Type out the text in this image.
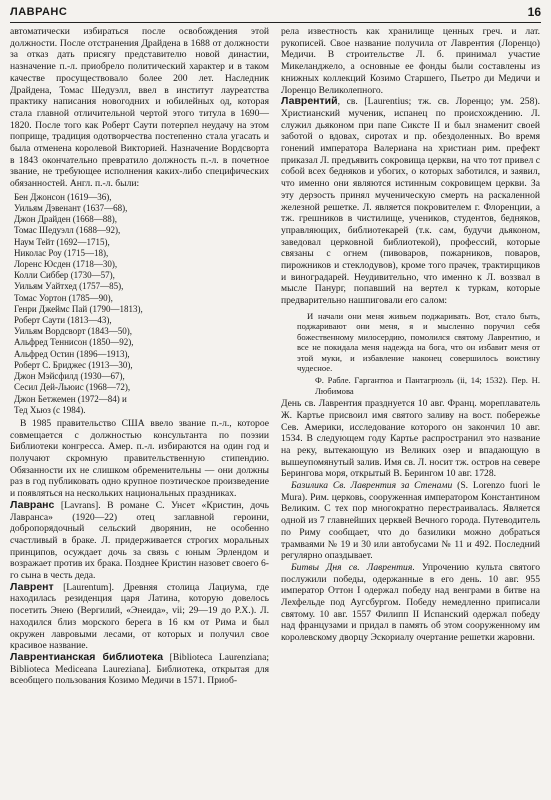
ЛАВРАНС	16

автоматически избираться после освобождения этой должности. После отстранения Драйдена в 1688 от должности за отказ дать присягу представителю новой династии, назначение п.-л. приобрело политический характер и в таком качестве просуществовало более 200 лет. Наследник Драйдена, Томас Шедуэлл, ввел в институт лауреатства практику написания новогодних и юбилейных од, которая стала главной отличительной чертой этого титула в 1690—1820. После того как Роберт Саути потерпел неудачу на этом поприще, традиция одотворчества постепенно стала угасать и была отменена королевой Викторией. Назначение Вордсворта в 1843 окончательно превратило должность п.-л. в почетное звание, не требующее исполнения каких-либо специфических обязанностей. Англ. п.-л. были:

Бен Джонсон (1619—36),
Уильям Дэвенант (1637—68),
Джон Драйден (1668—88),
Томас Шедуэлл (1688—92),
Наум Тейт (1692—1715),
Николас Роу (1715—18),
Лоренс Юсден (1718—30),
Колли Сиббер (1730—57),
Уильям Уайтхед (1757—85),
Томас Уортон (1785—90),
Генри Джеймс Пай (1790—1813),
Роберт Саути (1813—43),
Уильям Вордсворт (1843—50),
Альфред Теннисон (1850—92),
Альфред Остин (1896—1913),
Роберт С. Бриджес (1913—30),
Джон Мэйсфилд (1930—67),
Сесил Дей-Льюис (1968—72),
Джон Бетжемен (1972—84) и
Тед Хьюз (с 1984).

В 1985 правительство США ввело звание п.-л., которое совмещается с должностью консультанта по поэзии Библиотеки конгресса. Амер. п.-л. избираются на один год и получают скромную правительственную стипендию. Обязанности их не слишком обременительны — они должны раз в год публиковать одно крупное поэтическое произведение и появляться на нескольких национальных праздниках.

Лавранс [Lavrans]. В романе С. Унсет «Кристин, дочь Лавранса» (1920—22) отец заглавной героини, добропорядочный сельский дворянин, не особенно счастливый в браке. Л. придерживается строгих моральных принципов, осуждает дочь за связь с юным Эрлендом и возражает против их брака. Позднее Кристин назовет своего 6-го сына в честь деда.

Лаврент [Laurentum]. Древняя столица Лациума, где находилась резиденция царя Латина, которую довелось посетить Энею (Вергилий, «Энеида», vii; 29—19 до Р.Х.). Л. находился близ морского берега в 16 км от Рима и был окружен лавровыми лесами, от которых и получил свое красивое название.

Лаврентианская библиотека [Biblioteca Laurenziana; Biblioteca Mediceana Laureziana]. Библиотека, открытая для всеобщего пользования Козимо Медичи в 1571. Приоб-

рела известность как хранилище ценных греч. и лат. рукописей. Свое название получила от Лаврентия (Лоренцо) Медичи. В строительстве Л. б. принимал участие Микеланджело, а основные ее фонды были составлены из книжных коллекций Козимо Старшего, Пьетро ди Медичи и Лоренцо Великолепного.

Лаврентий, св. [Laurentius; тж. св. Лоренцо; ум. 258). Христианский мученик, испанец по происхождению. Л. служил дьяконом при папе Сиксте II и был знаменит своей заботой о вдовах, сиротах и пр. обездоленных. Во время гонений императора Валериана на христиан рим. префект приказал Л. предъявить сокровища церкви, на что тот привел с собой всех бедняков и убогих, о которых заботился, и заявил, что именно они являются истинным сокровищем церкви. За эту дерзость принял мученическую смерть на раскаленной железной решетке. Л. является покровителем г. Флоренции, а тж. грешников в чистилище, учеников, студентов, бедняков, управляющих, библиотекарей (т.к. сам, будучи дьяконом, заведовал церковной библиотекой), профессий, которые связаны с огнем (пивоваров, пожарников, поваров, пирожников и стеклодувов), кроме того прачек, трактирщиков и виноградарей. Неудивительно, что именно к Л. воззвал в мысле Панург, попавший на вертел к туркам, которые предварительно нашпиговали его салом:

И начали они меня живьем поджаривать. Вот, стало быть, поджаривают они меня, я и мысленно поручил себя божественному милосердию, помолился святому Лаврентию, и все не покидала меня надежда на бога, что он избавит меня от этой муки, и избавление наконец совершилось воистину чудесное.

Ф. Рабле. Гаргантюа и Пантагрюэль (ii, 14; 1532). Пер. Н. Любимова

День св. Лаврентия празднуется 10 авг. Франц. мореплаватель Ж. Картье присвоил имя святого заливу на вост. побережье Сев. Америки, исследование которого он закончил 10 авг. 1534. В следующем году Картье распространил это название на реку, вытекающую из Великих озер и впадающую в вышеупомянутый залив. Имя св. Л. носит тж. остров на севере Берингова моря, открытый В. Берингом 10 авг. 1728.

Базилика Св. Лаврентия за Стенами (S. Lorenzo fuori le Mura). Рим. церковь, сооруженная императором Константином Великим. С тех пор многократно перестраивалась. Является одной из 7 главнейших церквей Вечного города. Путеводитель по Риму сообщает, что до базилики можно добраться трамваями № 19 и 30 или автобусами № 11 и 492. Последний регулярно опаздывает.

Битвы Дня св. Лаврентия. Упрочению культа святого послужили победы, одержанные в его день. 10 авг. 955 император Оттон I одержал победу над венграми в битве на Лехфельде под Аугсбургом. Победу немедленно приписали святому. 10 авг. 1557 Филипп II Испанский одержал победу над французами и придал в память об этом сооруженному им королевскому дворцу Эскориалу очертание решетки жаровни.
